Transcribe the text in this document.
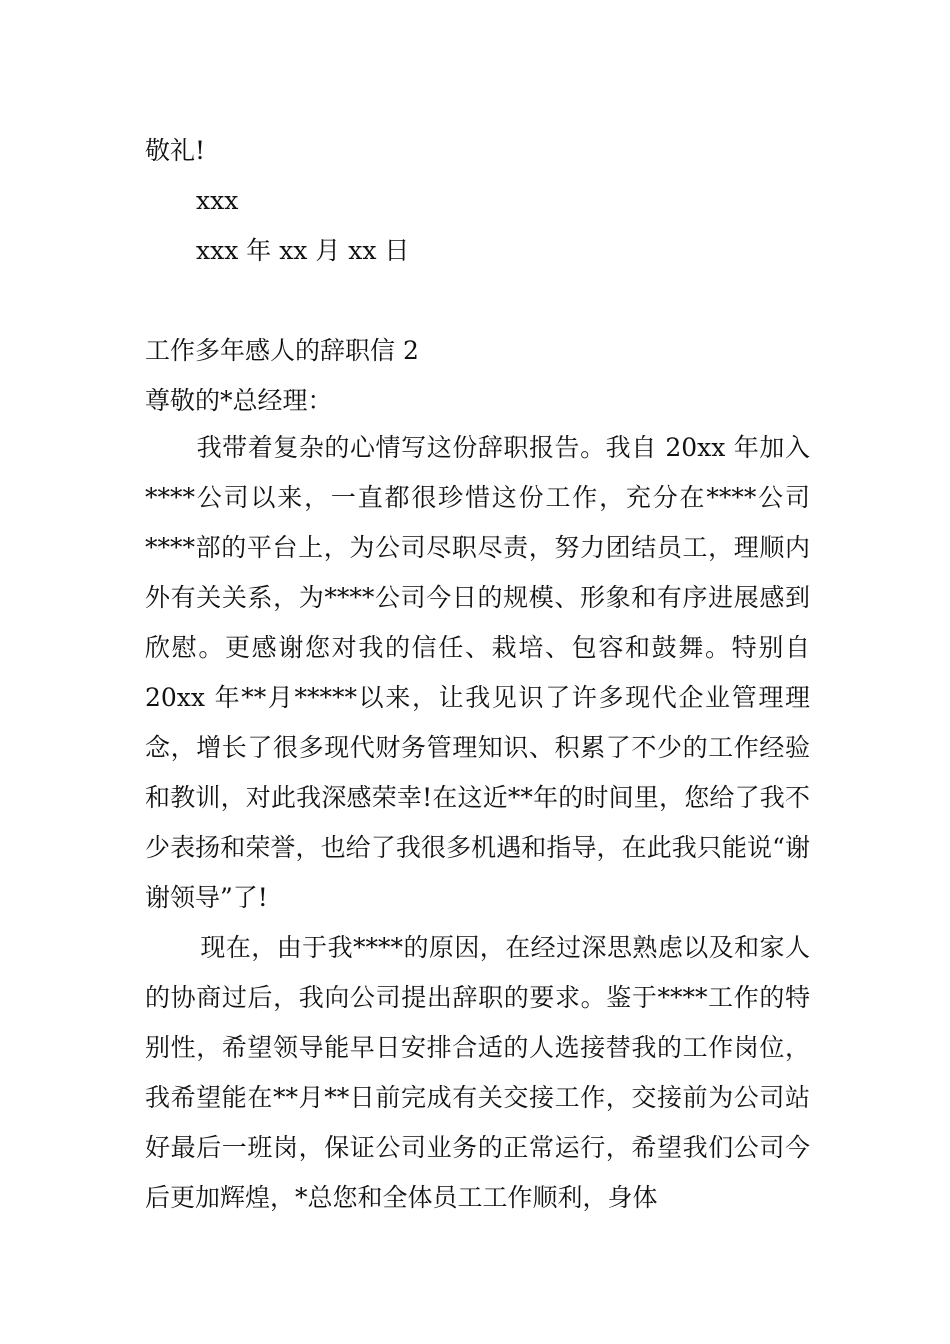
敬礼!
xxx
xxx 年 xx 月 xx 日
工作多年感人的辞职信 2
尊敬的*总经理：
我带着复杂的心情写这份辞职报告。我自 20xx 年加入****公司以来，一直都很珍惜这份工作，充分在****公司****部的平台上，为公司尽职尽责，努力团结员工，理顺内外有关关系，为****公司今日的规模、形象和有序进展感到欣慰。更感谢您对我的信任、栽培、包容和鼓舞。特别自 20xx 年**月*****以来，让我见识了许多现代企业管理理念，增长了很多现代财务管理知识、积累了不少的工作经验和教训，对此我深感荣幸!在这近**年的时间里，您给了我不少表扬和荣誉，也给了我很多机遇和指导，在此我只能说“谢谢领导”了!
现在，由于我****的原因，在经过深思熟虑以及和家人的协商过后，我向公司提出辞职的要求。鉴于****工作的特别性，希望领导能早日安排合适的人选接替我的工作岗位，我希望能在**月**日前完成有关交接工作，交接前为公司站好最后一班岗，保证公司业务的正常运行，希望我们公司今后更加辉煌，*总您和全体员工工作顺利，身体
